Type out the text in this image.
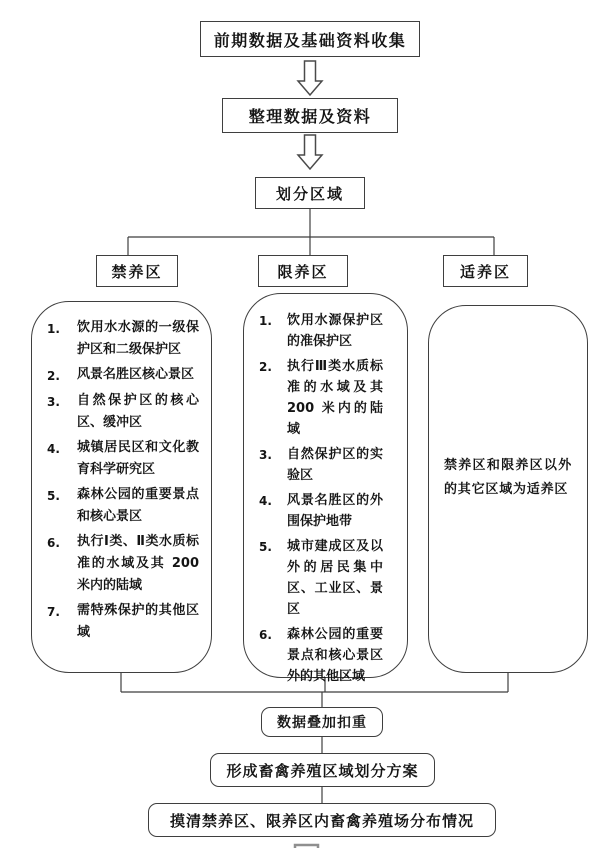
前期数据及基础资料收集
整理数据及资料
划分区域
禁养区	限养区	适养区
1.	饮用水水源的一级保护区和二级保护区
2.	风景名胜区核心景区
3.	自然保护区的核心区、缓冲区
4.	城镇居民区和文化教育科学研究区
5.	森林公园的重要景点和核心景区
6.	执行Ⅰ类、Ⅱ类水质标准的水域及其 200 米内的陆域
7.	需特殊保护的其他区域
1.	饮用水源保护区的准保护区
2.	执行Ⅲ类水质标准的水域及其 200 米内的陆域
3.	自然保护区的实验区
4.	风景名胜区的外围保护地带
5.	城市建成区及以外的居民集中区、工业区、景区
6.	森林公园的重要景点和核心景区外的其他区域
禁养区和限养区以外的其它区域为适养区
数据叠加扣重
形成畜禽养殖区域划分方案
摸清禁养区、限养区内畜禽养殖场分布情况
